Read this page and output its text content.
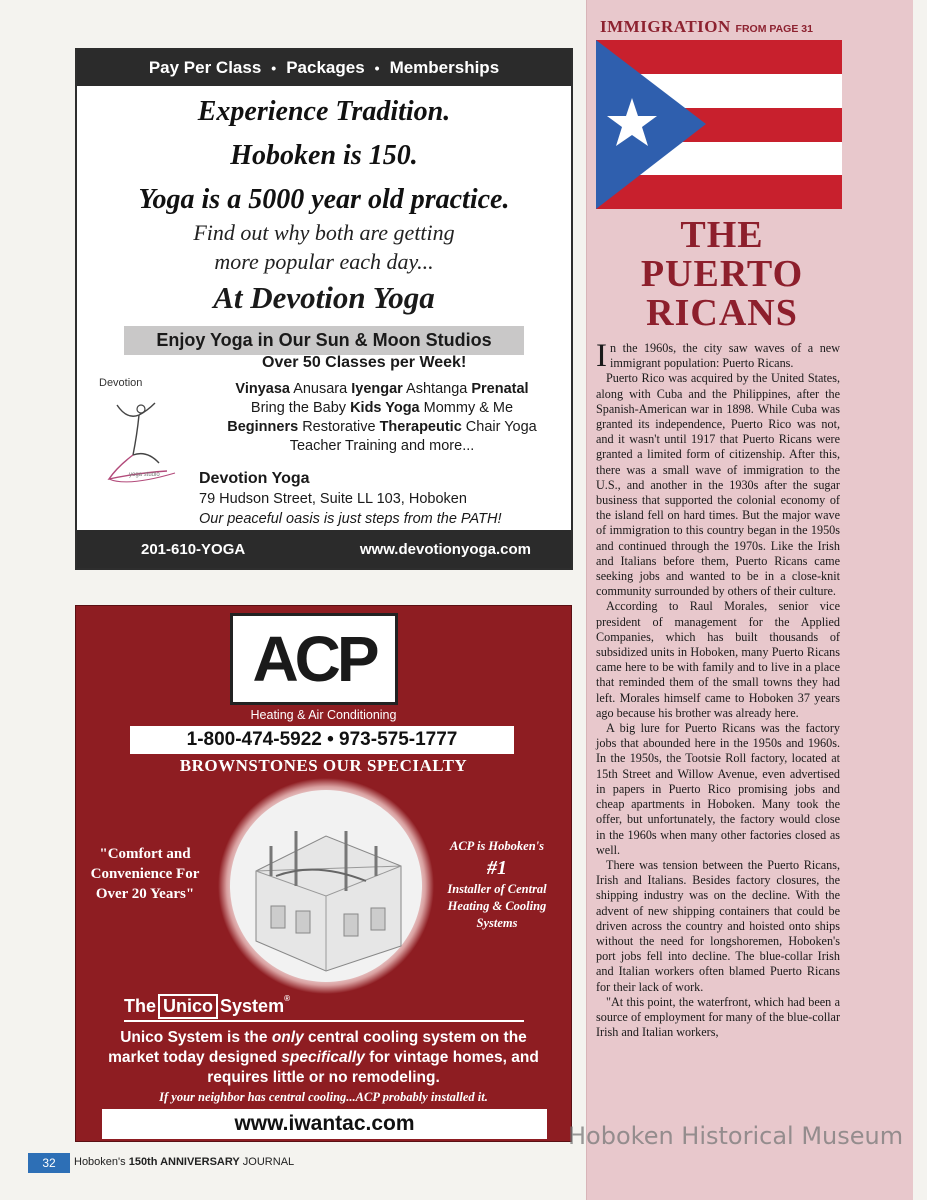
Pay Per Class • Packages • Memberships
Experience Tradition.
Hoboken is 150.
Yoga is a 5000 year old practice.
Find out why both are getting
more popular each day...
At Devotion Yoga
Enjoy Yoga in Our Sun & Moon Studios
Over 50 Classes per Week!
Vinyasa Anusara Iyengar Ashtanga Prenatal
Bring the Baby Kids Yoga Mommy & Me
Beginners Restorative Therapeutic Chair Yoga
Teacher Training and more...
Devotion
yoga studio Devotion Yoga
79 Hudson Street, Suite LL 103, Hoboken
Our peaceful oasis is just steps from the PATH!
201-610-YOGA	www.devotionyoga.com
ACP
Heating & Air Conditioning
1-800-474-5922 • 973-575-1777
BROWNSTONES OUR SPECIALTY
"Comfort and Convenience For Over 20 Years"
ACP is Hoboken's
#1
Installer of Central Heating & Cooling Systems
The Unico System ®
Unico System is the only central cooling system on the market today designed specifically for vintage homes, and requires little or no remodeling.
If your neighbor has central cooling...ACP probably installed it.
www.iwantac.com
32	Hoboken's 150th ANNIVERSARY JOURNAL
IMMIGRATION FROM PAGE 31
THE
PUERTO
RICANS

In the 1960s, the city saw waves of a new immigrant population: Puerto Ricans.

Puerto Rico was acquired by the United States, along with Cuba and the Philippines, after the Spanish-American war in 1898. While Cuba was granted its independence, Puerto Rico was not, and it wasn't until 1917 that Puerto Ricans were granted a limited form of citizenship. After this, there was a small wave of immigration to the U.S., and another in the 1930s after the sugar business that supported the colonial economy of the island fell on hard times. But the major wave of immigration to this country began in the 1950s and continued through the 1970s. Like the Irish and Italians before them, Puerto Ricans came seeking jobs and wanted to be in a close-knit community surrounded by others of their culture.

According to Raul Morales, senior vice president of management for the Applied Companies, which has built thousands of subsidized units in Hoboken, many Puerto Ricans came here to be with family and to live in a place that reminded them of the small towns they had left. Morales himself came to Hoboken 37 years ago because his brother was already here.

A big lure for Puerto Ricans was the factory jobs that abounded here in the 1950s and 1960s. In the 1950s, the Tootsie Roll factory, located at 15th Street and Willow Avenue, even advertised in papers in Puerto Rico promising jobs and cheap apartments in Hoboken. Many took the offer, but unfortunately, the factory would close in the 1960s when many other factories closed as well.

There was tension between the Puerto Ricans, Irish and Italians. Besides factory closures, the shipping industry was on the decline. With the advent of new shipping containers that could be driven across the country and hoisted onto ships without the need for longshoremen, Hoboken's port jobs fell into decline. The blue-collar Irish and Italian workers often blamed Puerto Ricans for their lack of work.

"At this point, the waterfront, which had been a source of employment for many of the blue-collar Irish and Italian workers,

Hoboken Historical Museum
